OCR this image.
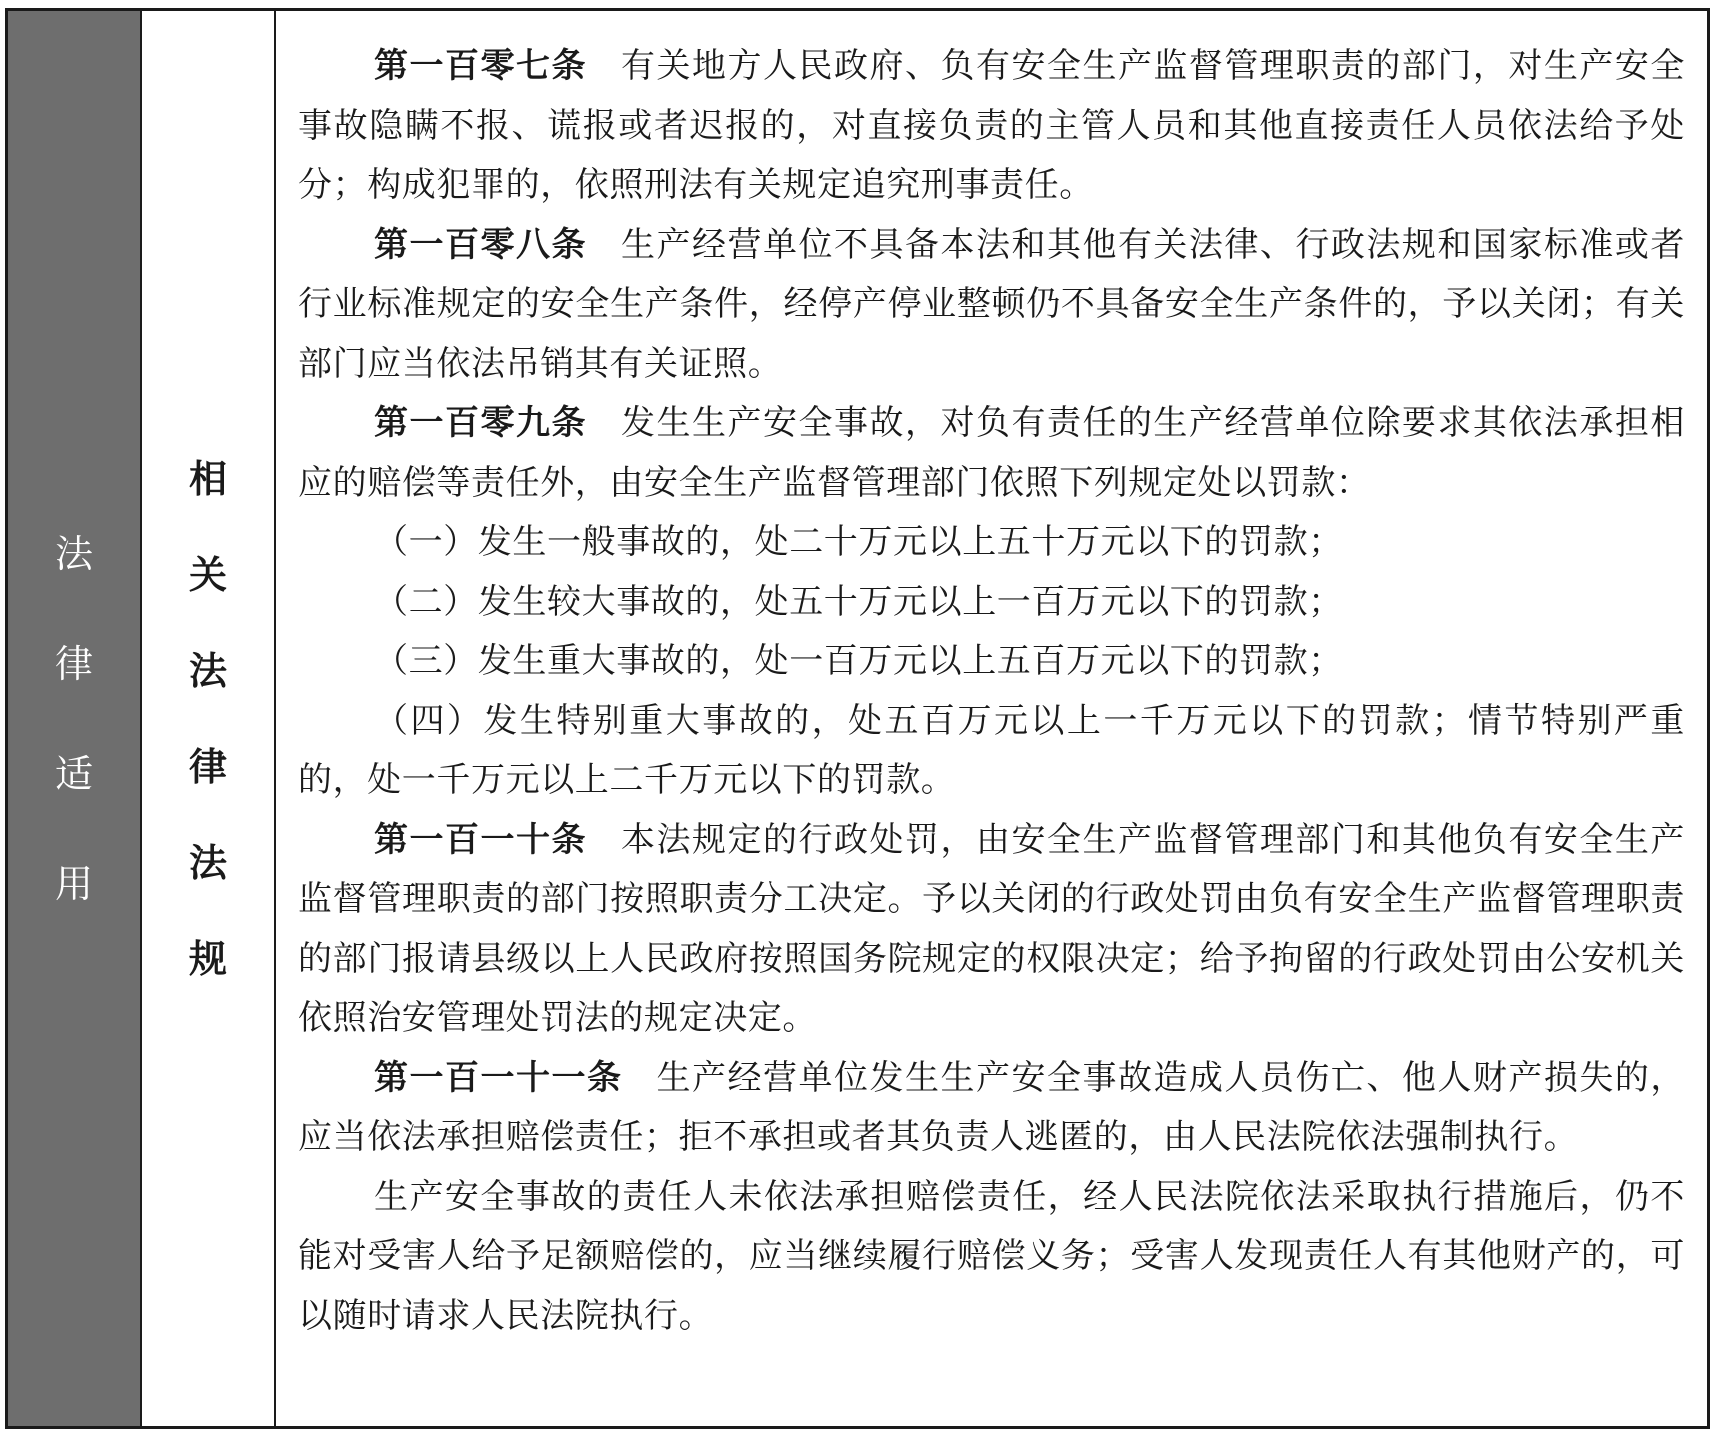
法
律
适
用
相
关
法
律
法
规

第一百零七条 有关地方人民政府、负有安全生产监督管理职责的部门，对生产安全事故隐瞒不报、谎报或者迟报的，对直接负责的主管人员和其他直接责任人员依法给予处分；构成犯罪的，依照刑法有关规定追究刑事责任。

第一百零八条 生产经营单位不具备本法和其他有关法律、行政法规和国家标准或者行业标准规定的安全生产条件，经停产停业整顿仍不具备安全生产条件的，予以关闭；有关部门应当依法吊销其有关证照。

第一百零九条 发生生产安全事故，对负有责任的生产经营单位除要求其依法承担相应的赔偿等责任外，由安全生产监督管理部门依照下列规定处以罚款：

（一）发生一般事故的，处二十万元以上五十万元以下的罚款；

（二）发生较大事故的，处五十万元以上一百万元以下的罚款；

（三）发生重大事故的，处一百万元以上五百万元以下的罚款；

（四）发生特别重大事故的，处五百万元以上一千万元以下的罚款；情节特别严重的，处一千万元以上二千万元以下的罚款。

第一百一十条 本法规定的行政处罚，由安全生产监督管理部门和其他负有安全生产监督管理职责的部门按照职责分工决定。予以关闭的行政处罚由负有安全生产监督管理职责的部门报请县级以上人民政府按照国务院规定的权限决定；给予拘留的行政处罚由公安机关依照治安管理处罚法的规定决定。

第一百一十一条 生产经营单位发生生产安全事故造成人员伤亡、他人财产损失的，应当依法承担赔偿责任；拒不承担或者其负责人逃匿的，由人民法院依法强制执行。

生产安全事故的责任人未依法承担赔偿责任，经人民法院依法采取执行措施后，仍不能对受害人给予足额赔偿的，应当继续履行赔偿义务；受害人发现责任人有其他财产的，可以随时请求人民法院执行。
